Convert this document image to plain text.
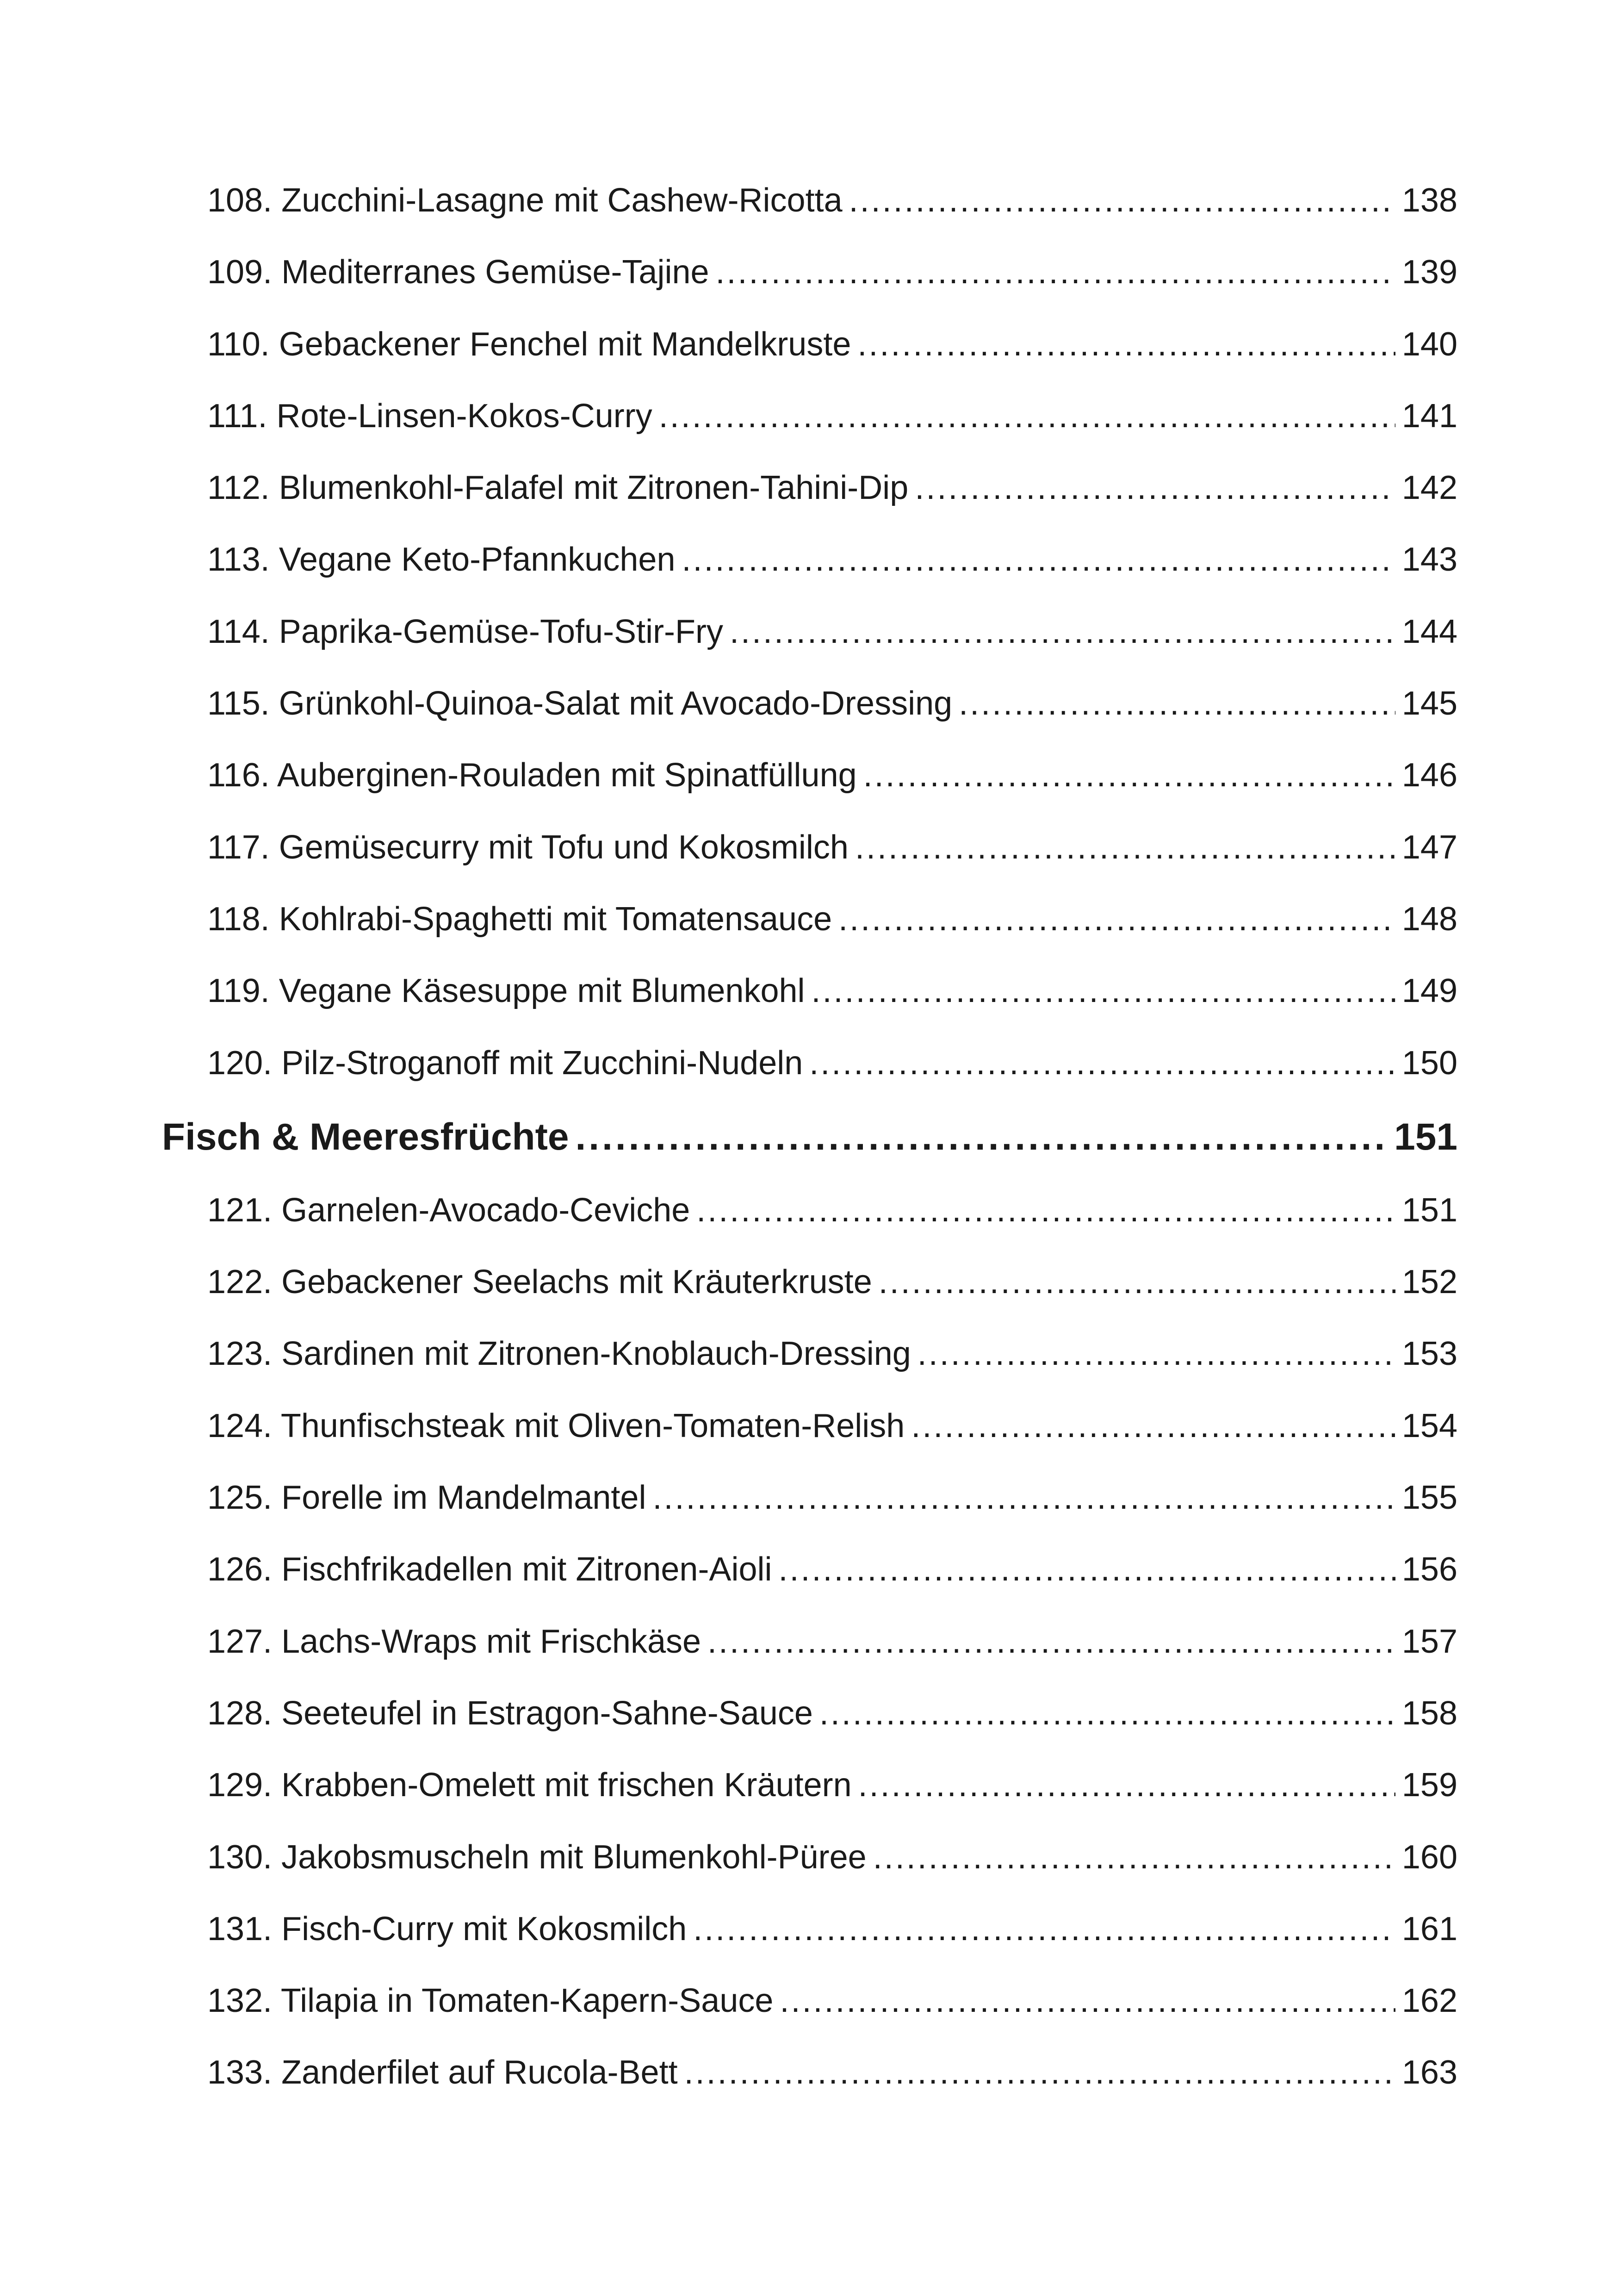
108. Zucchini-Lasagne mit Cashew-Ricotta .....	138
109. Mediterranes Gemüse-Tajine .....	139
110. Gebackener Fenchel mit Mandelkruste .....	140
111. Rote-Linsen-Kokos-Curry .....	141
112. Blumenkohl-Falafel mit Zitronen-Tahini-Dip .....	142
113. Vegane Keto-Pfannkuchen .....	143
114. Paprika-Gemüse-Tofu-Stir-Fry .....	144
115. Grünkohl-Quinoa-Salat mit Avocado-Dressing .....	145
116. Auberginen-Rouladen mit Spinatfüllung .....	146
117. Gemüsecurry mit Tofu und Kokosmilch .....	147
118. Kohlrabi-Spaghetti mit Tomatensauce .....	148
119. Vegane Käsesuppe mit Blumenkohl .....	149
120. Pilz-Stroganoff mit Zucchini-Nudeln .....	150
Fisch & Meeresfrüchte .....	151
121. Garnelen-Avocado-Ceviche .....	151
122. Gebackener Seelachs mit Kräuterkruste .....	152
123. Sardinen mit Zitronen-Knoblauch-Dressing .....	153
124. Thunfischsteak mit Oliven-Tomaten-Relish .....	154
125. Forelle im Mandelmantel .....	155
126. Fischfrikadellen mit Zitronen-Aioli .....	156
127. Lachs-Wraps mit Frischkäse .....	157
128. Seeteufel in Estragon-Sahne-Sauce .....	158
129. Krabben-Omelett mit frischen Kräutern .....	159
130. Jakobsmuscheln mit Blumenkohl-Püree .....	160
131. Fisch-Curry mit Kokosmilch .....	161
132. Tilapia in Tomaten-Kapern-Sauce .....	162
133. Zanderfilet auf Rucola-Bett .....	163
